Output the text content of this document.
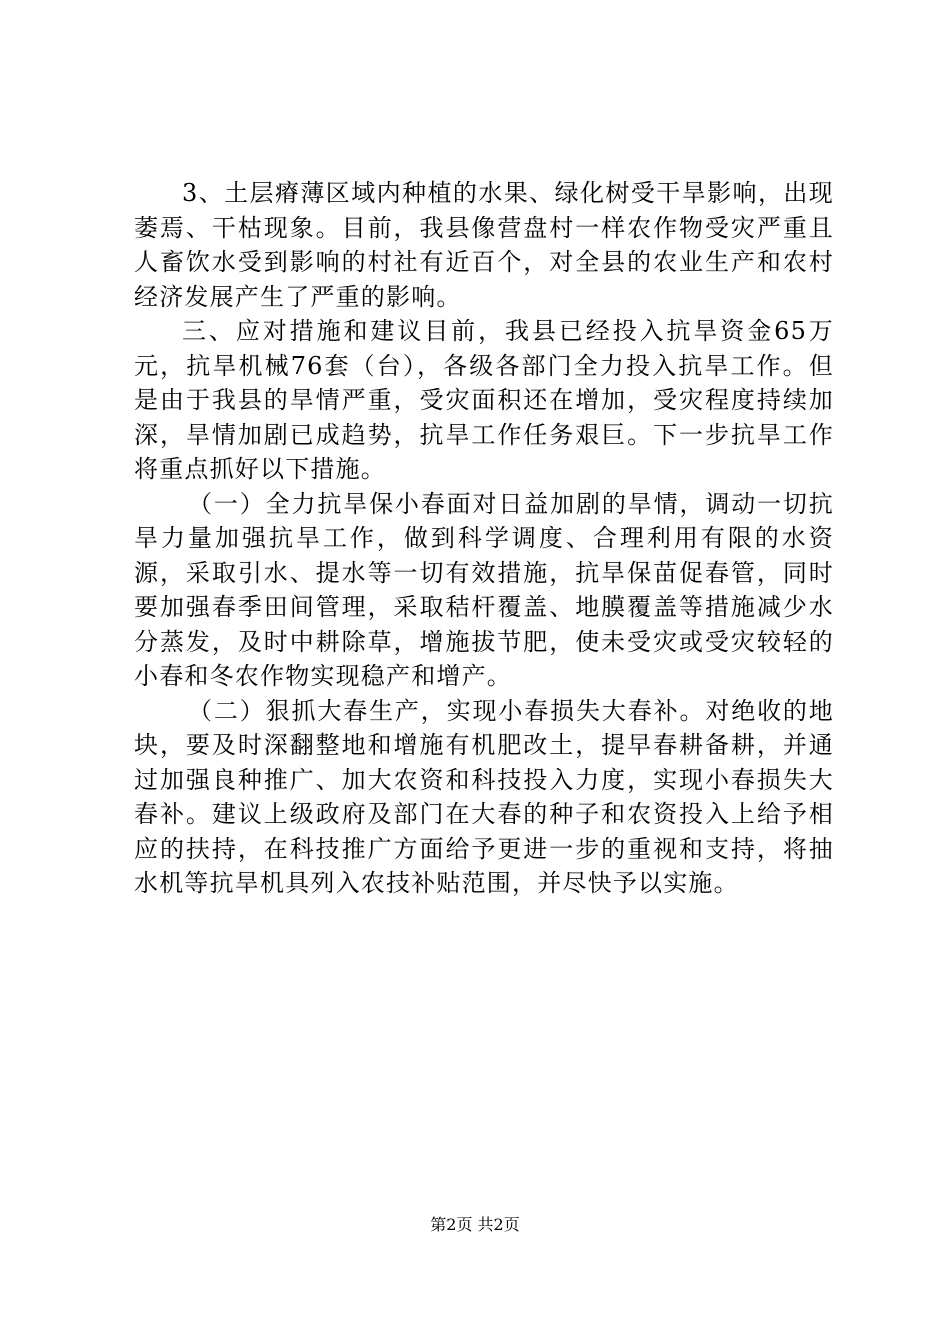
3、土层瘠薄区域内种植的水果、绿化树受干旱影响，出现萎焉、干枯现象。目前，我县像营盘村一样农作物受灾严重且人畜饮水受到影响的村社有近百个，对全县的农业生产和农村经济发展产生了严重的影响。

三、应对措施和建议目前，我县已经投入抗旱资金65万元，抗旱机械76套（台），各级各部门全力投入抗旱工作。但是由于我县的旱情严重，受灾面积还在增加，受灾程度持续加深，旱情加剧已成趋势，抗旱工作任务艰巨。下一步抗旱工作将重点抓好以下措施。

（一）全力抗旱保小春面对日益加剧的旱情，调动一切抗旱力量加强抗旱工作，做到科学调度、合理利用有限的水资源，采取引水、提水等一切有效措施，抗旱保苗促春管，同时要加强春季田间管理，采取秸杆覆盖、地膜覆盖等措施减少水分蒸发，及时中耕除草，增施拔节肥，使未受灾或受灾较轻的小春和冬农作物实现稳产和增产。

（二）狠抓大春生产，实现小春损失大春补。对绝收的地块，要及时深翻整地和增施有机肥改土，提早春耕备耕，并通过加强良种推广、加大农资和科技投入力度，实现小春损失大春补。建议上级政府及部门在大春的种子和农资投入上给予相应的扶持，在科技推广方面给予更进一步的重视和支持，将抽水机等抗旱机具列入农技补贴范围，并尽快予以实施。

第2页 共2页
